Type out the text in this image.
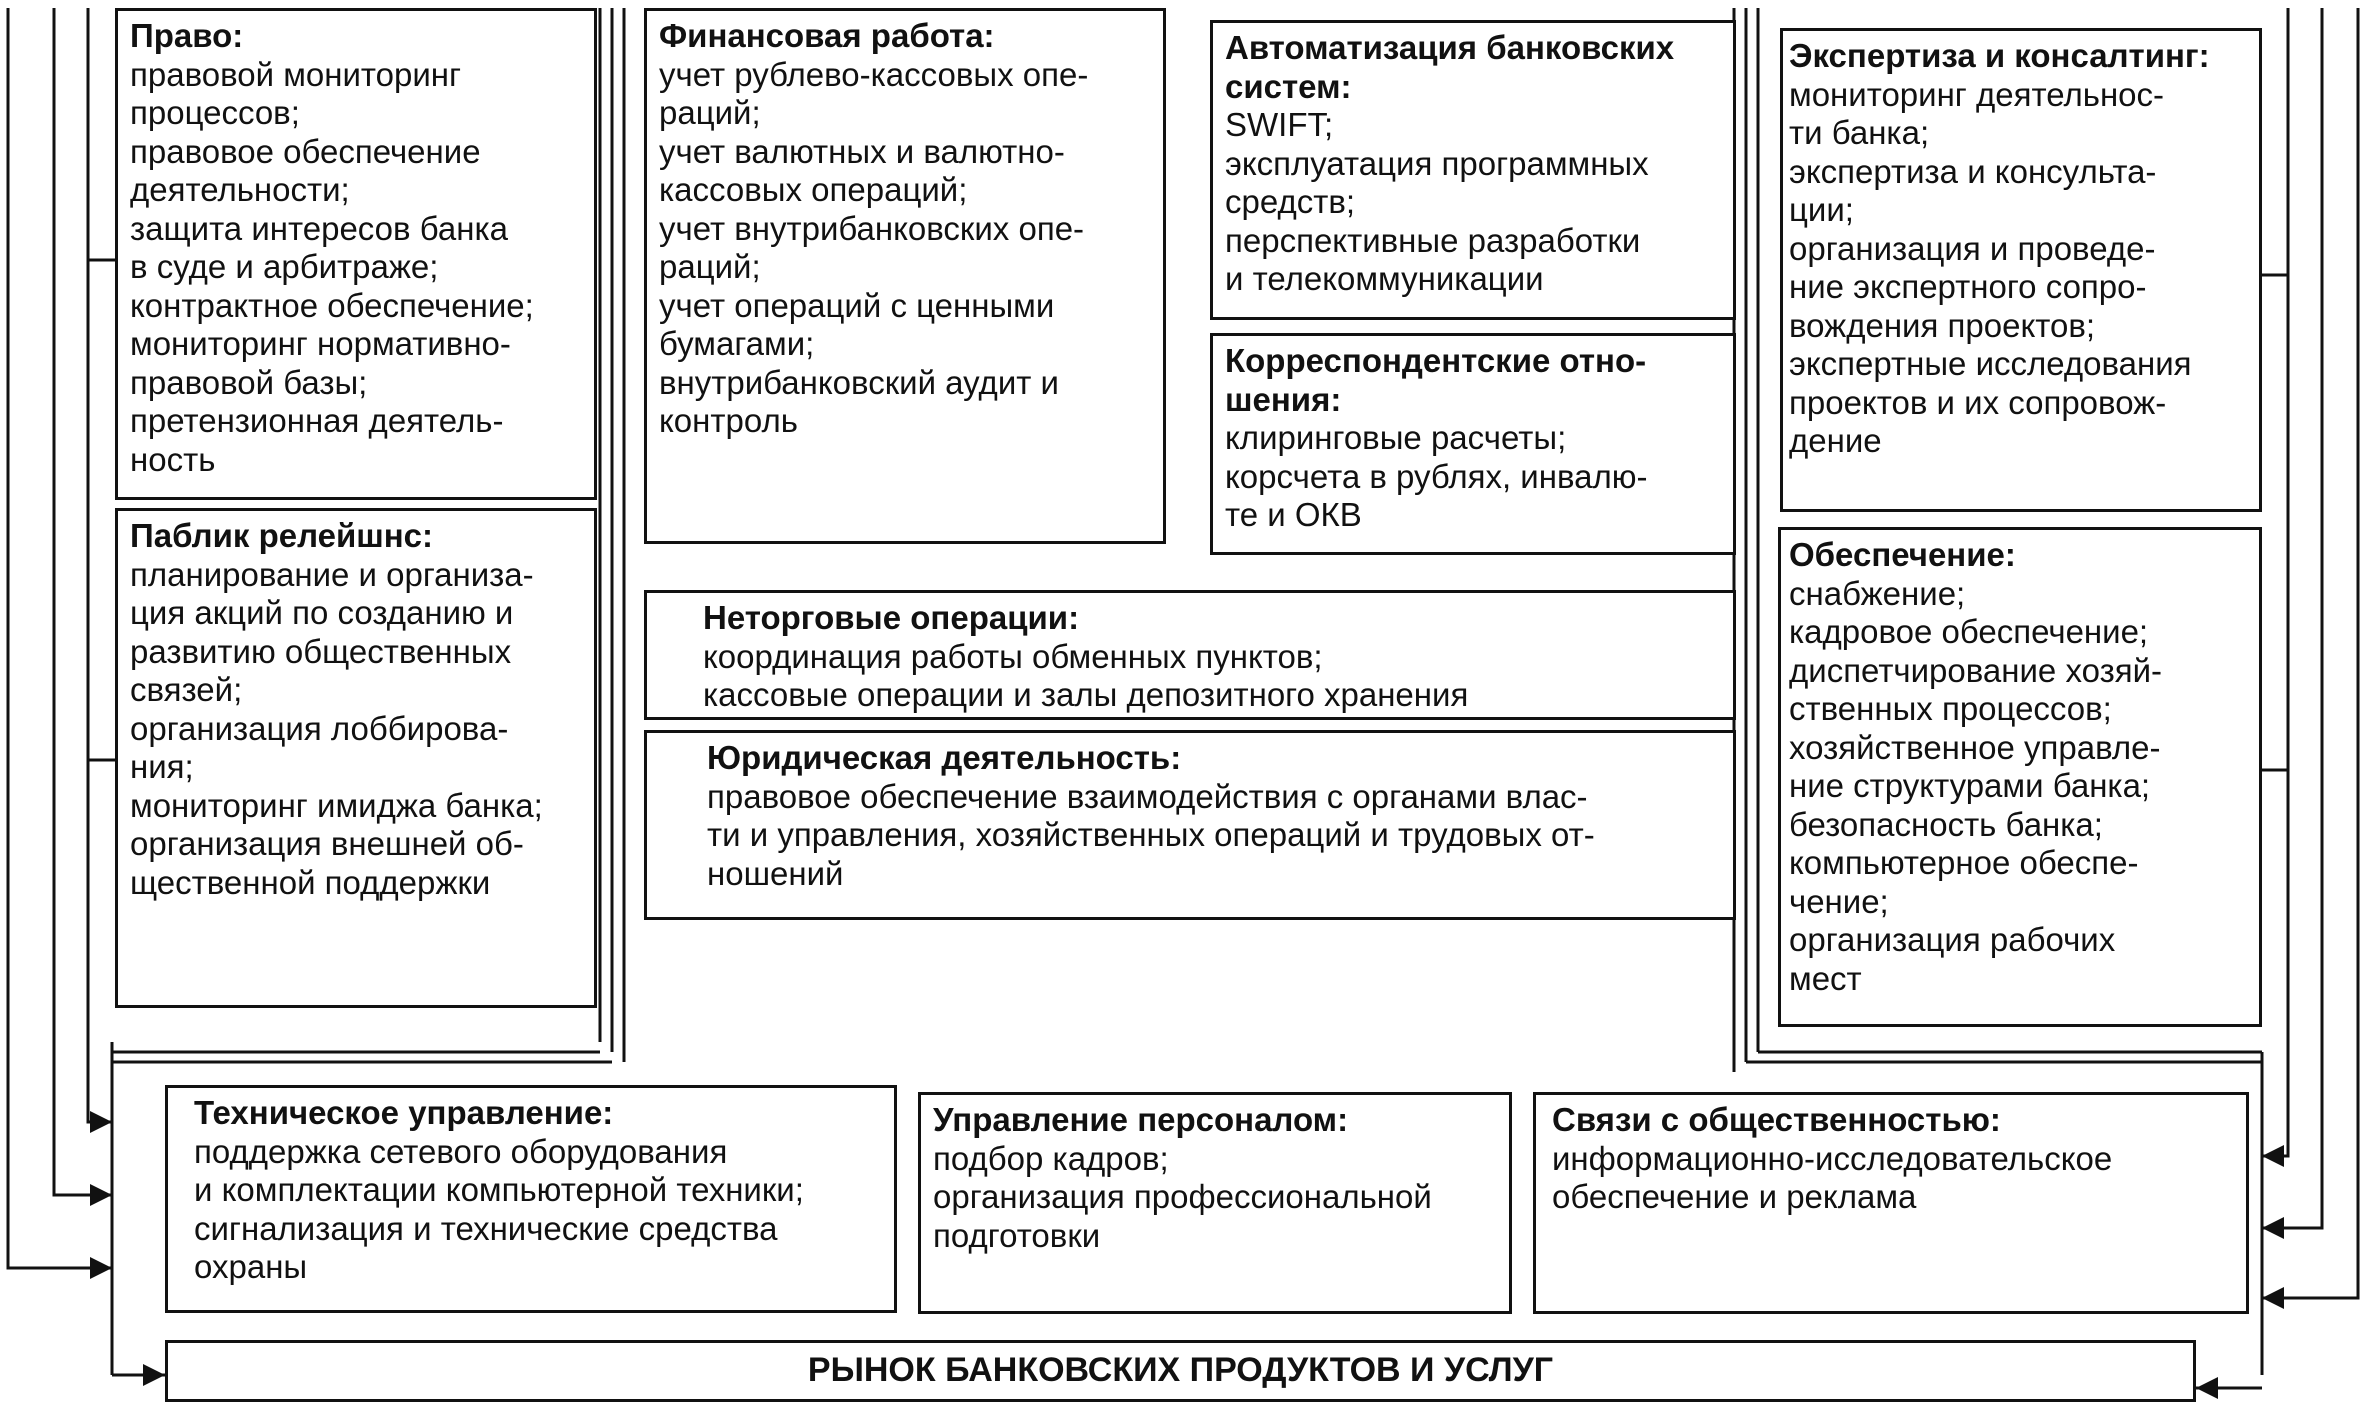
Право:
правовой мониторинг
процессов;
правовое обеспечение
деятельности;
защита интересов банка
в суде и арбитраже;
контрактное обеспечение;
мониторинг нормативно-
правовой базы;
претензионная деятель-
ность
Паблик релейшнс:
планирование и организа-
ция акций по созданию и
развитию общественных
связей;
организация лоббирова-
ния;
мониторинг имиджа банка;
организация внешней об-
щественной поддержки
Финансовая работа:
учет рублево-кассовых опе-
раций;
учет валютных и валютно-
кассовых операций;
учет внутрибанковских опе-
раций;
учет операций с ценными
бумагами;
внутрибанковский аудит и
контроль
Автоматизация банковских
систем:
SWIFT;
эксплуатация программных
средств;
перспективные разработки
и телекоммуникации
Корреспондентские отно-
шения:
клиринговые расчеты;
корсчета в рублях, инвалю-
те и ОКВ
Неторговые операции:
координация работы обменных пунктов;
кассовые операции и залы депозитного хранения
Юридическая деятельность:
правовое обеспечение взаимодействия с органами влас-
ти и управления, хозяйственных операций и трудовых от-
ношений
Экспертиза и консалтинг:
мониторинг деятельнос-
ти банка;
экспертиза и консульта-
ции;
организация и проведе-
ние экспертного сопро-
вождения проектов;
экспертные исследования
проектов и их сопровож-
дение
Обеспечение:
снабжение;
кадровое обеспечение;
диспетчирование хозяй-
ственных процессов;
хозяйственное управле-
ние структурами банка;
безопасность банка;
компьютерное обеспе-
чение;
организация рабочих
мест
Техническое управление:
поддержка сетевого оборудования
и комплектации компьютерной техники;
сигнализация и технические средства
охраны
Управление персоналом:
подбор кадров;
организация профессиональной
подготовки
Связи с общественностью:
информационно-исследовательское
обеспечение и реклама
РЫНОК БАНКОВСКИХ ПРОДУКТОВ И УСЛУГ
